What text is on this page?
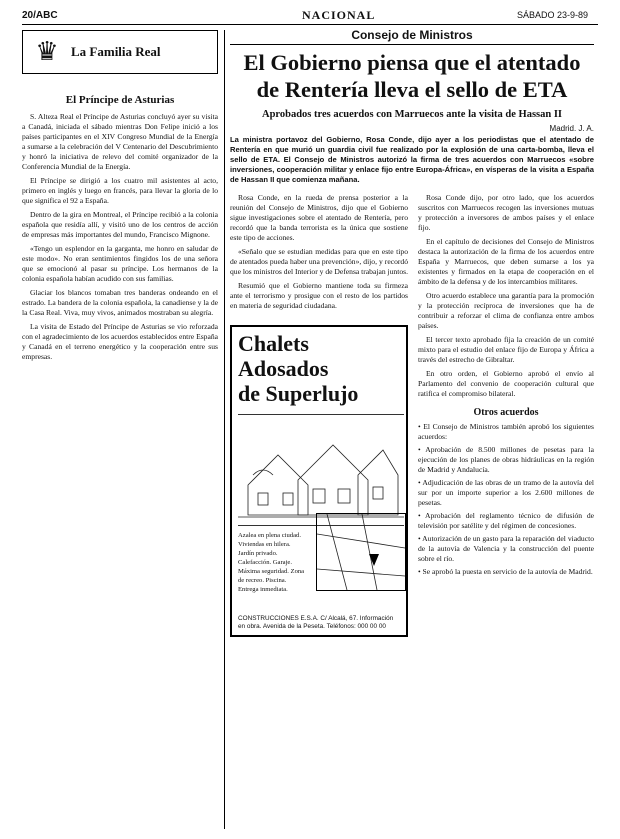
20/ABC	NACIONAL	SÁBADO 23-9-89
♛ La Familia Real
El Príncipe de Asturias

S. Alteza Real el Príncipe de Asturias concluyó ayer su visita a Canadá, iniciada el sábado mientras Don Felipe inició a los países participantes en el XIV Congreso Mundial de la Energía a sumarse a la celebración del V Centenario del Descubrimiento y honró la iniciativa de relevo del comité organizador de la Conferencia Mundial de la Energía.

El Príncipe se dirigió a los cuatro mil asistentes al acto, primero en inglés y luego en francés, para llevar la gloria de lo que significa el 92 a España.

Dentro de la gira en Montreal, el Príncipe recibió a la colonia española que residía allí, y visitó uno de los centros de acción de empresas más importantes del mundo, Francisco Mignone.

«Tengo un esplendor en la garganta, me honro en saludar de este modo». No eran sentimientos fingidos los de una señora que se emocionó al pasar su príncipe. Los hermanos de la colonia española habían acudido con sus familias.

Glaciar los blancos tomaban tres banderas ondeando en el estrado. La bandera de la colonia española, la canadiense y la de la Casa Real. Viva, muy vivos, animados mostraban su alegría.

La visita de Estado del Príncipe de Asturias se vio reforzada con el agradecimiento de los acuerdos establecidos entre España y Canadá en el terreno energético y la cooperación entre sus empresas.

Consejo de Ministros
El Gobierno piensa que el atentado
de Rentería lleva el sello de ETA
Aprobados tres acuerdos con Marruecos ante la visita de Hassan II
Madrid. J. A.
La ministra portavoz del Gobierno, Rosa Conde, dijo ayer a los periodistas que el atentado de Rentería en que murió un guardia civil fue realizado por la explosión de una carta-bomba, lleva el sello de ETA. El Consejo de Ministros autorizó la firma de tres acuerdos con Marruecos «sobre inversiones, cooperación militar y enlace fijo entre Europa-África», en vísperas de la visita a España de Hassan II que comienza mañana.

Rosa Conde, en la rueda de prensa posterior a la reunión del Consejo de Ministros, dijo que el Gobierno sigue investigaciones sobre el atentado de Rentería, pero recordó que la banda terrorista es la única que sostiene este tipo de acciones.

«Señalo que se estudian medidas para que en este tipo de atentados pueda haber una prevención», dijo, y recordó que los ministros del Interior y de Defensa trabajan juntos.

Resumió que el Gobierno mantiene toda su firmeza ante el terrorismo y prosigue con el resto de los partidos en materia de seguridad ciudadana.

Chalets Adosados
de Superlujo
Azalea en plena ciudad. Viviendas en hilera. Jardín privado. Calefacción. Garaje. Máxima seguridad. Zona de recreo. Piscina. Entrega inmediata.
CONSTRUCCIONES E.S.A. C/ Alcalá, 67. Información en obra. Avenida de la Peseta. Teléfonos: 000 00 00

Rosa Conde dijo, por otro lado, que los acuerdos suscritos con Marruecos recogen las inversiones mutuas y protección a inversores de ambos países y el enlace fijo.

En el capítulo de decisiones del Consejo de Ministros destaca la autorización de la firma de los acuerdos entre España y Marruecos, que deben sumarse a los ya existentes y firmados en la etapa de cooperación en el ámbito de la defensa y de los intercambios militares.

Otro acuerdo establece una garantía para la promoción y la protección recíproca de inversiones que ha de contribuir a reforzar el clima de confianza entre ambos países.

El tercer texto aprobado fija la creación de un comité mixto para el estudio del enlace fijo de Europa y África a través del estrecho de Gibraltar.

En otro orden, el Gobierno aprobó el envío al Parlamento del convenio de cooperación cultural que ratifica el compromiso bilateral.

Otros acuerdos

• El Consejo de Ministros también aprobó los siguientes acuerdos:

• Aprobación de 8.500 millones de pesetas para la ejecución de los planes de obras hidráulicas en la región de Madrid y Andalucía.

• Adjudicación de las obras de un tramo de la autovía del sur por un importe superior a los 2.600 millones de pesetas.

• Aprobación del reglamento técnico de difusión de televisión por satélite y del régimen de concesiones.

• Autorización de un gasto para la reparación del viaducto de la autovía de Valencia y la construcción del puente sobre el río.

• Se aprobó la puesta en servicio de la autovía de Madrid.
